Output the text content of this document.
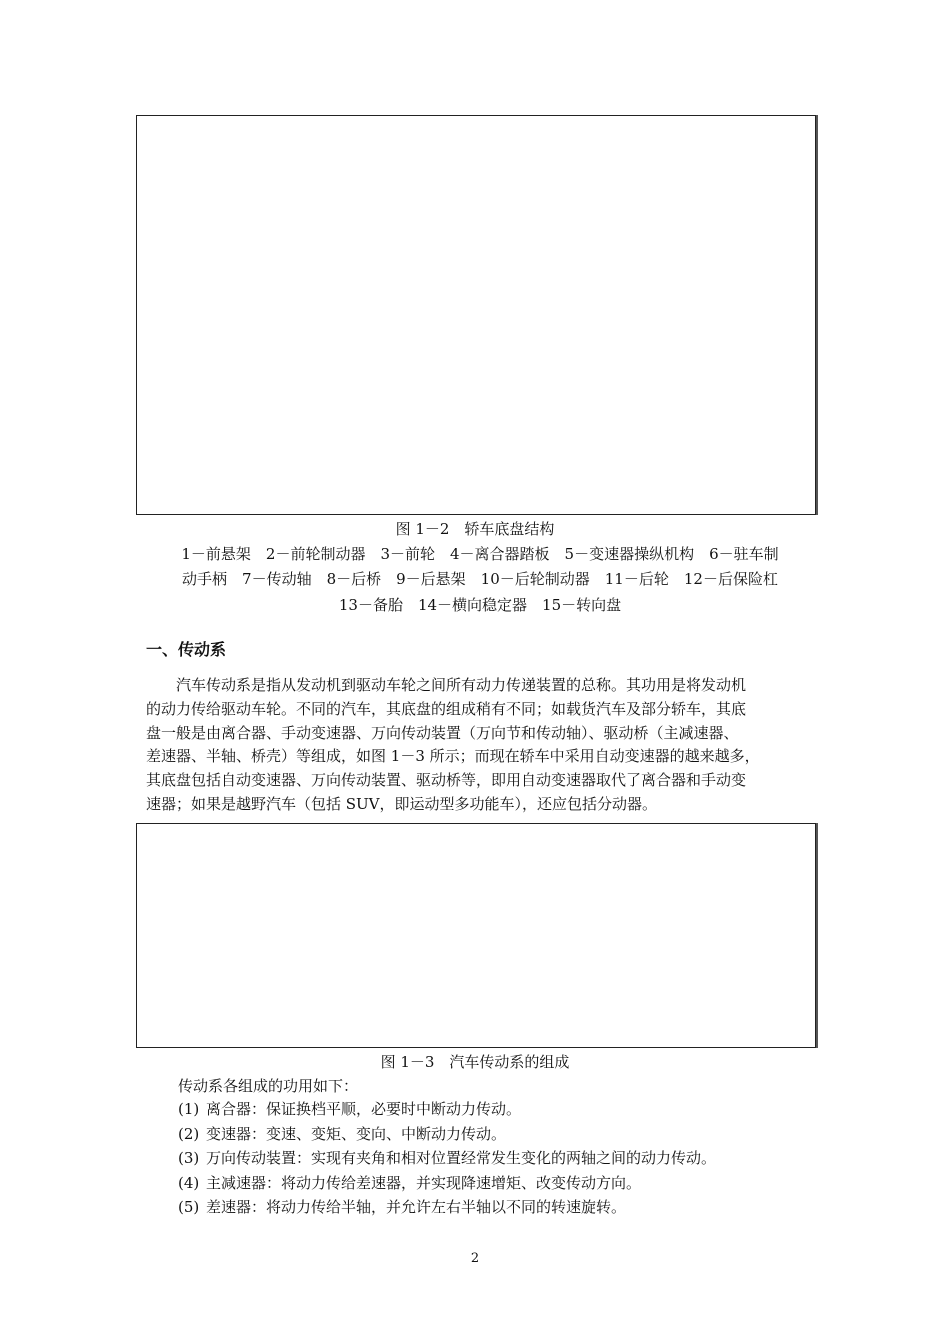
图 1－2　轿车底盘结构
1－前悬架　2－前轮制动器　3－前轮　4－离合器踏板　5－变速器操纵机构　6－驻车制
动手柄　7－传动轴　8－后桥　9－后悬架　10－后轮制动器　11－后轮　12－后保险杠
13－备胎　14－横向稳定器　15－转向盘
一、传动系

汽车传动系是指从发动机到驱动车轮之间所有动力传递装置的总称。其功用是将发动机

的动力传给驱动车轮。不同的汽车，其底盘的组成稍有不同；如载货汽车及部分轿车，其底

盘一般是由离合器、手动变速器、万向传动装置（万向节和传动轴）、驱动桥（主减速器、

差速器、半轴、桥壳）等组成，如图 1－3 所示；而现在轿车中采用自动变速器的越来越多，

其底盘包括自动变速器、万向传动装置、驱动桥等，即用自动变速器取代了离合器和手动变

速器；如果是越野汽车（包括 SUV，即运动型多功能车），还应包括分动器。

图 1－3　汽车传动系的组成
传动系各组成的功用如下：
(1) 离合器：保证换档平顺，必要时中断动力传动。
(2) 变速器：变速、变矩、变向、中断动力传动。
(3) 万向传动装置：实现有夹角和相对位置经常发生变化的两轴之间的动力传动。
(4) 主减速器：将动力传给差速器，并实现降速增矩、改变传动方向。
(5) 差速器：将动力传给半轴，并允许左右半轴以不同的转速旋转。
2
